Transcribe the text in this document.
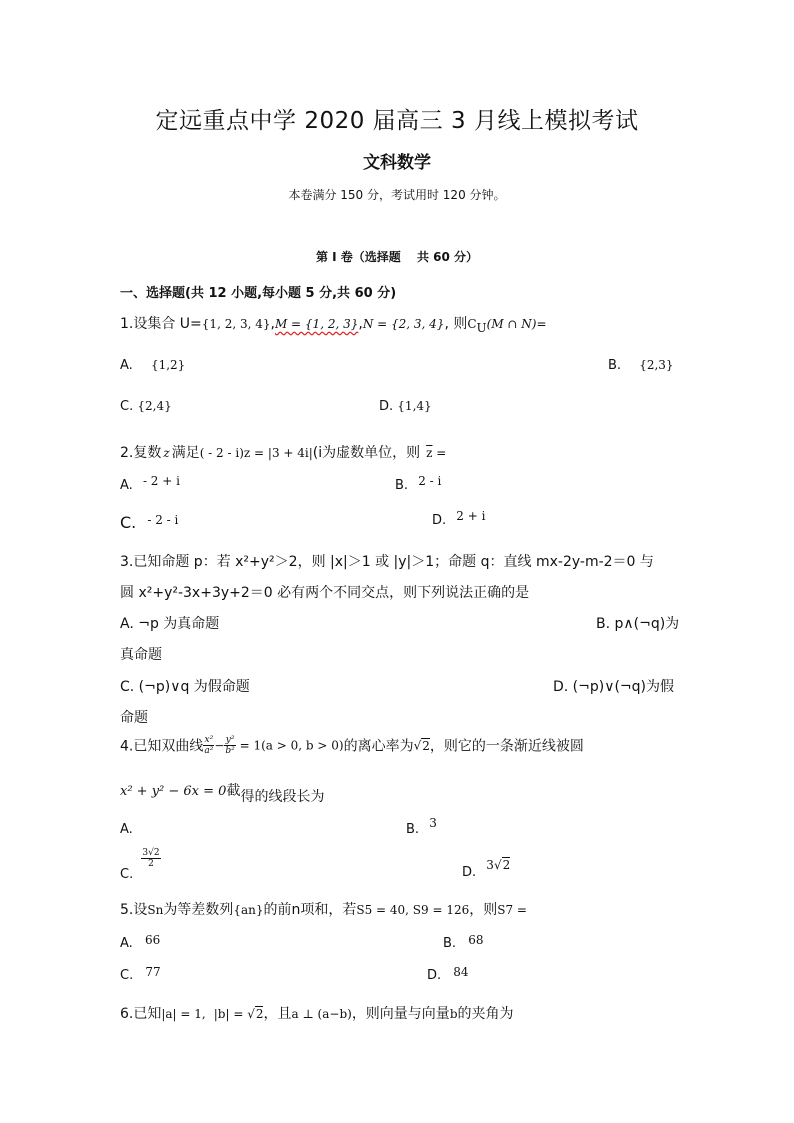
定远重点中学 2020 届高三 3 月线上模拟考试
文科数学
本卷满分 150 分，考试用时 120 分钟。
第 I 卷（选择题　 共 60 分）
一、选择题(共 12 小题,每小题 5 分,共 60 分)
1.设集合 U={1, 2, 3, 4},M = {1, 2, 3},N = {2, 3, 4}, 则$C_U(M$ ∩ N)=
A. {1,2}	B. {2,3}
C. {2,4}	D. {1,4}
2.复数 z 满足( - 2 - i)z = |3 + 4i|(i为虚数单位，则 $\overline{z}$ =
A. - 2 + i	B. 2 - i
C. $^{- 2 - i}$	D. 2 + i
3.已知命题 p：若 x²+y²＞2，则 |x|＞1 或 |y|＞1；命题 q：直线 mx-2y-m-2＝0 与
圆 x²+y²-3x+3y+2＝0 必有两个不同交点，则下列说法正确的是
A. ¬p 为真命题	B. p∧(¬q)为
真命题
C. (¬p)∨q 为假命题	D. (¬p)∨(¬q)为假
命题
4.已知双曲线 $\frac{\text{x²}}{\text{a²}} - \frac{\text{y²}}{\text{b²}} = 1(a > 0$, b > 0)的离心率为√2，则它的一条渐近线被圆
x² + y² − 6x = 0截得的线段长为
A.	B. 3
C.
$\frac{3√2}{2}$
D. 3√2
5.设Sn为等差数列{an}的前n项和，若S5 = 40, S9 = 126，则S7 =
A. 66	B. 68
C. 77	D. 84
6.已知|a| = 1, |b| = √2，且a ⊥ (a−b)，则向量与向量b的夹角为
